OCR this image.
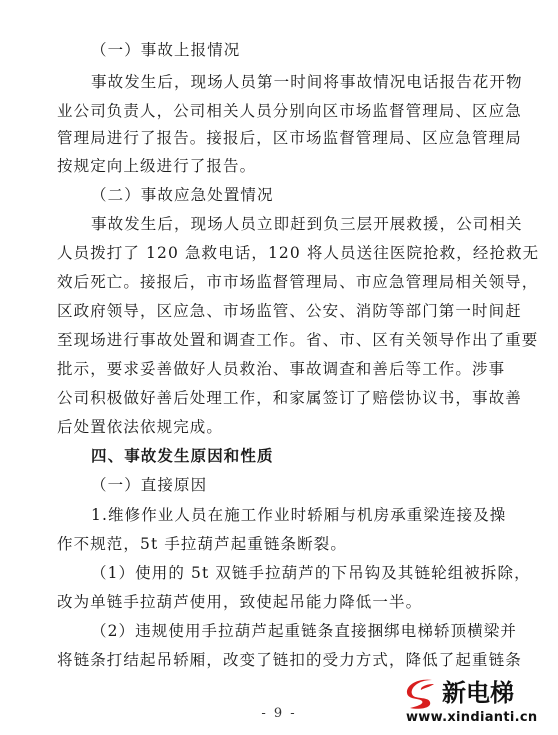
（一）事故上报情况
事故发生后，现场人员第一时间将事故情况电话报告花开物
业公司负责人，公司相关人员分别向区市场监督管理局、区应急
管理局进行了报告。接报后，区市场监督管理局、区应急管理局
按规定向上级进行了报告。
（二）事故应急处置情况
事故发生后，现场人员立即赶到负三层开展救援，公司相关
人员拨打了 120 急救电话，120 将人员送往医院抢救，经抢救无
效后死亡。接报后，市市场监督管理局、市应急管理局相关领导，
区政府领导，区应急、市场监管、公安、消防等部门第一时间赶
至现场进行事故处置和调查工作。省、市、区有关领导作出了重要
批示，要求妥善做好人员救治、事故调查和善后等工作。涉事
公司积极做好善后处理工作，和家属签订了赔偿协议书，事故善
后处置依法依规完成。
四、事故发生原因和性质
（一）直接原因
1.维修作业人员在施工作业时轿厢与机房承重梁连接及操
作不规范，5t 手拉葫芦起重链条断裂。
（1）使用的 5t 双链手拉葫芦的下吊钩及其链轮组被拆除，
改为单链手拉葫芦使用，致使起吊能力降低一半。
（2）违规使用手拉葫芦起重链条直接捆绑电梯轿顶横梁并
将链条打结起吊轿厢，改变了链扣的受力方式，降低了起重链条
- 9 -
新电梯
www.xindianti.cn
